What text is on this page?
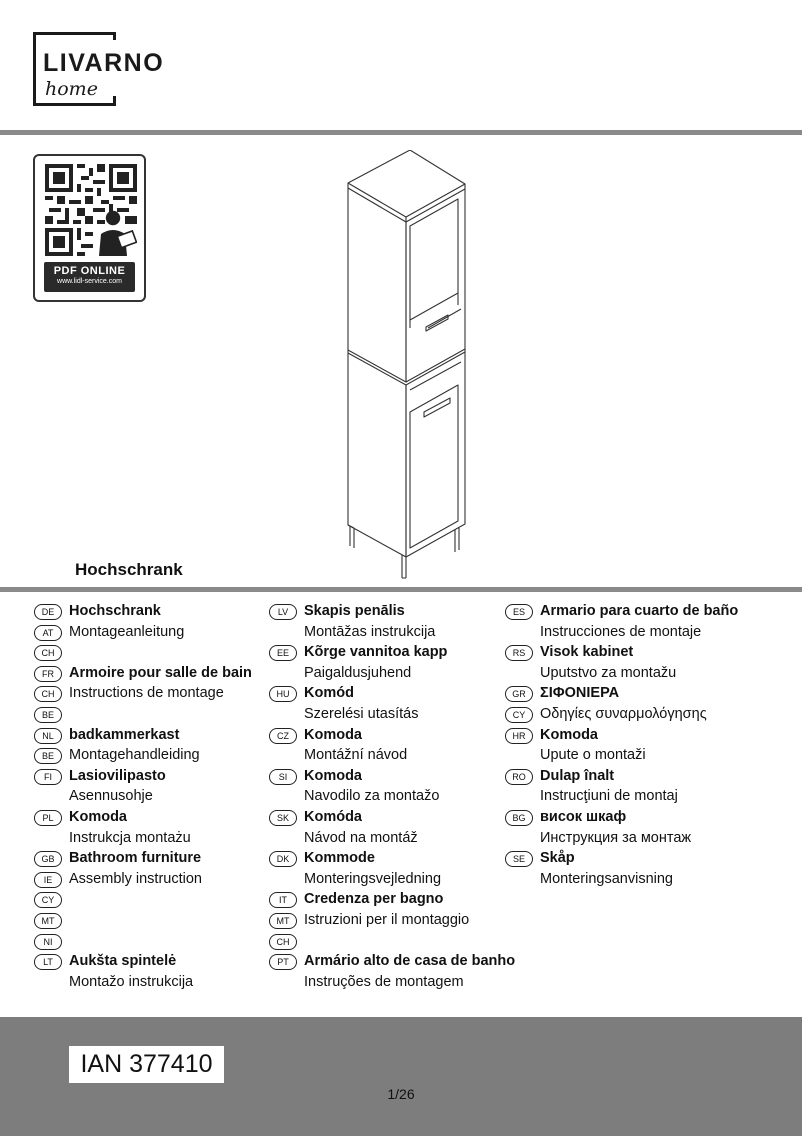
LIVARNO
home
PDF ONLINE
www.lidl-service.com
Hochschrank
DE	Hochschrank
AT	Montageanleitung
CH
FR	Armoire pour salle de bain
CH	Instructions de montage
BE
NL	badkammerkast
BE	Montagehandleiding
FI	Lasiovilipasto
Asennusohje
PL	Komoda
Instrukcja montażu
GB	Bathroom furniture
IE	Assembly instruction
CY
MT
NI
LT	Aukšta spintelė
Montažo instrukcija
LV	Skapis penālis
Montāžas instrukcija
EE	Kõrge vannitoa kapp
Paigaldusjuhend
HU	Komód
Szerelési utasítás
CZ	Komoda
Montážní návod
SI	Komoda
Navodilo za montažo
SK	Komóda
Návod na montáž
DK	Kommode
Monteringsvejledning
IT	Credenza per bagno
MT	Istruzioni per il montaggio
CH
PT	Armário alto de casa de banho
Instruções de montagem
ES	Armario para cuarto de baño
Instrucciones de montaje
RS	Visok kabinet
Uputstvo za montažu
GR ΣΙΦΟΝΙΕΡΑ
CY	Οδηγίες συναρμολόγησης
HR	Komoda
Upute o montaži
RO Dulap înalt
Instrucţiuni de montaj
BG	висок шкаф
Инструкция за монтаж
SE	Skåp
Monteringsanvisning
IAN 377410
1/26
